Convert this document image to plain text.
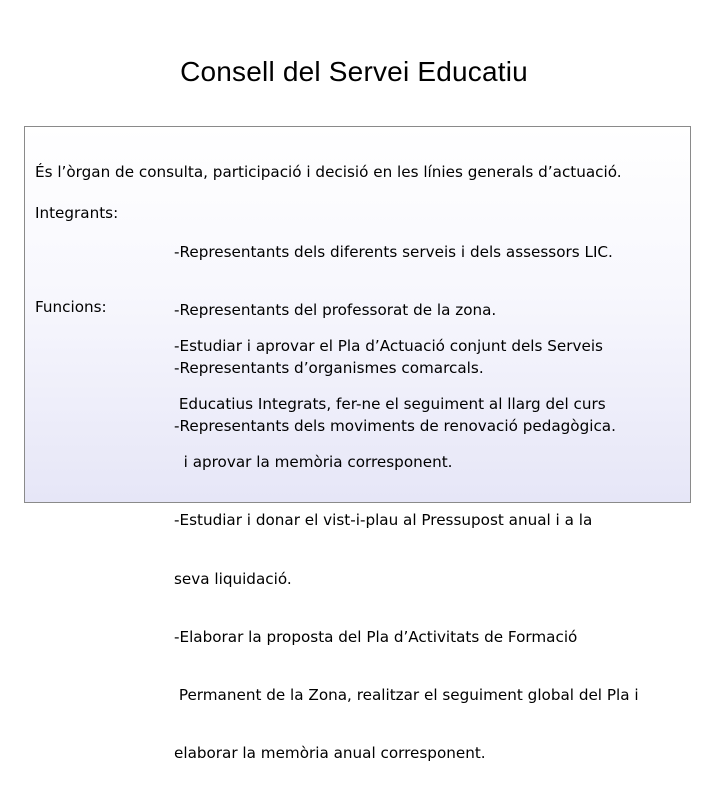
Consell del Servei Educatiu
És l’òrgan de consulta, participació i decisió en les línies generals d’actuació.
Integrants:

-Representants dels diferents serveis i dels assessors LIC.

-Representants del professorat de la zona.

-Representants d’organismes comarcals.

-Representants dels moviments de renovació pedagògica.

Funcions:

-Estudiar i aprovar el Pla d’Actuació conjunt dels Serveis

Educatius Integrats, fer-ne el seguiment al llarg del curs

i aprovar la memòria corresponent.

-Estudiar i donar el vist-i-plau al Pressupost anual i a la

seva liquidació.

-Elaborar la proposta del Pla d’Activitats de Formació

Permanent de la Zona, realitzar el seguiment global del Pla i

elaborar la memòria anual corresponent.
